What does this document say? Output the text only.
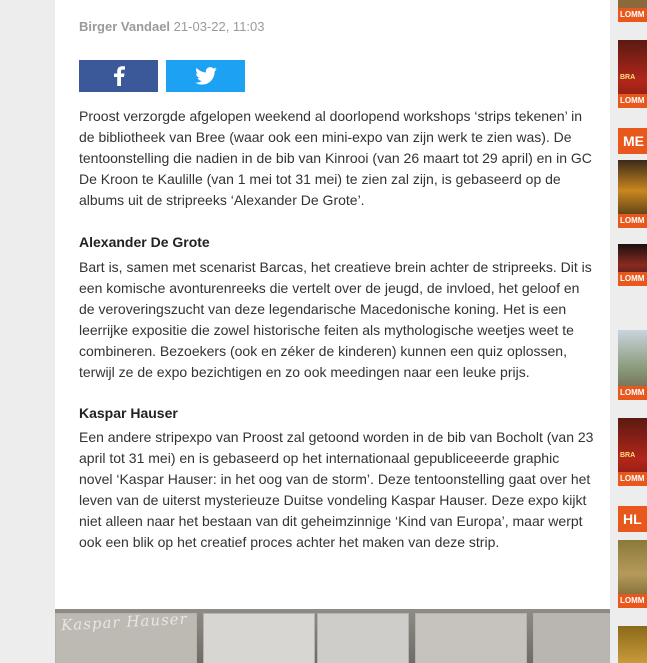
Birger Vandael 21-03-22, 11:03

Proost verzorgde afgelopen weekend al doorlopend workshops ‘strips tekenen’ in de bibliotheek van Bree (waar ook een mini-expo van zijn werk te zien was). De tentoonstelling die nadien in de bib van Kinrooi (van 26 maart tot 29 april) en in GC De Kroon te Kaulille (van 1 mei tot 31 mei) te zien zal zijn, is gebaseerd op de albums uit de stripreeks ‘Alexander De Grote’.

Alexander De Grote

Bart is, samen met scenarist Barcas, het creatieve brein achter de stripreeks. Dit is een komische avonturenreeks die vertelt over de jeugd, de invloed, het geloof en de veroveringszucht van deze legendarische Macedonische koning. Het is een leerrijke expositie die zowel historische feiten als mythologische weetjes weet te combineren. Bezoekers (ook en zéker de kinderen) kunnen een quiz oplossen, terwijl ze de expo bezichtigen en zo ook meedingen naar een leuke prijs.

Kaspar Hauser

Een andere stripexpo van Proost zal getoond worden in de bib van Bocholt (van 23 april tot 31 mei) en is gebaseerd op het internationaal gepubliceeerde graphic novel ‘Kaspar Hauser: in het oog van de storm’. Deze tentoonstelling gaat over het leven van de uiterst mysterieuze Duitse vondeling Kaspar Hauser. Deze expo kijkt niet alleen naar het bestaan van dit geheimzinnige ‘Kind van Europa’, maar werpt ook een blik op het creatief proces achter het maken van deze strip.

Kaspar Hauser
LOMM
BRA
LOMM
ME
LOMM
LOMM
LOMM
BRA
LOMM
HL
LOMM
